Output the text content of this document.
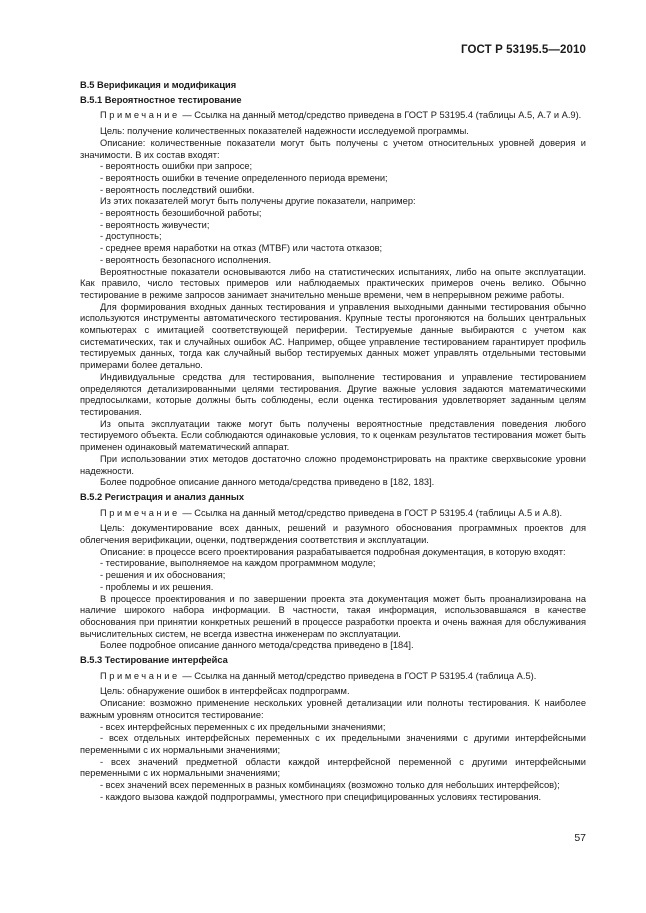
ГОСТ Р 53195.5—2010

В.5 Верификация и модификация

В.5.1 Вероятностное тестирование

Примечание — Ссылка на данный метод/средство приведена в ГОСТ Р 53195.4 (таблицы А.5, А.7 и А.9).

Цель: получение количественных показателей надежности исследуемой программы.

Описание: количественные показатели могут быть получены с учетом относительных уровней доверия и значимости. В их состав входят:

- вероятность ошибки при запросе;

- вероятность ошибки в течение определенного периода времени;

- вероятность последствий ошибки.

Из этих показателей могут быть получены другие показатели, например:

- вероятность безошибочной работы;

- вероятность живучести;

- доступность;

- среднее время наработки на отказ (MTBF) или частота отказов;

- вероятность безопасного исполнения.

Вероятностные показатели основываются либо на статистических испытаниях, либо на опыте эксплуатации. Как правило, число тестовых примеров или наблюдаемых практических примеров очень велико. Обычно тестирование в режиме запросов занимает значительно меньше времени, чем в непрерывном режиме работы.

Для формирования входных данных тестирования и управления выходными данными тестирования обычно используются инструменты автоматического тестирования. Крупные тесты прогоняются на больших центральных компьютерах с имитацией соответствующей периферии. Тестируемые данные выбираются с учетом как систематических, так и случайных ошибок АС. Например, общее управление тестированием гарантирует профиль тестируемых данных, тогда как случайный выбор тестируемых данных может управлять отдельными тестовыми примерами более детально.

Индивидуальные средства для тестирования, выполнение тестирования и управление тестированием определяются детализированными целями тестирования. Другие важные условия задаются математическими предпосылками, которые должны быть соблюдены, если оценка тестирования удовлетворяет заданным целям тестирования.

Из опыта эксплуатации также могут быть получены вероятностные представления поведения любого тестируемого объекта. Если соблюдаются одинаковые условия, то к оценкам результатов тестирования может быть применен одинаковый математический аппарат.

При использовании этих методов достаточно сложно продемонстрировать на практике сверхвысокие уровни надежности.

Более подробное описание данного метода/средства приведено в [182, 183].

В.5.2 Регистрация и анализ данных

Примечание — Ссылка на данный метод/средство приведена в ГОСТ Р 53195.4 (таблицы А.5 и А.8).

Цель: документирование всех данных, решений и разумного обоснования программных проектов для облегчения верификации, оценки, подтверждения соответствия и эксплуатации.

Описание: в процессе всего проектирования разрабатывается подробная документация, в которую входят:

- тестирование, выполняемое на каждом программном модуле;

- решения и их обоснования;

- проблемы и их решения.

В процессе проектирования и по завершении проекта эта документация может быть проанализирована на наличие широкого набора информации. В частности, такая информация, использовавшаяся в качестве обоснования при принятии конкретных решений в процессе разработки проекта и очень важная для обслуживания вычислительных систем, не всегда известна инженерам по эксплуатации.

Более подробное описание данного метода/средства приведено в [184].

В.5.3 Тестирование интерфейса

Примечание — Ссылка на данный метод/средство приведена в ГОСТ Р 53195.4 (таблица А.5).

Цель: обнаружение ошибок в интерфейсах подпрограмм.

Описание: возможно применение нескольких уровней детализации или полноты тестирования. К наиболее важным уровням относится тестирование:

- всех интерфейсных переменных с их предельными значениями;

- всех отдельных интерфейсных переменных с их предельными значениями с другими интерфейсными переменными с их нормальными значениями;

- всех значений предметной области каждой интерфейсной переменной с другими интерфейсными переменными с их нормальными значениями;

- всех значений всех переменных в разных комбинациях (возможно только для небольших интерфейсов);

- каждого вызова каждой подпрограммы, уместного при специфицированных условиях тестирования.

57
